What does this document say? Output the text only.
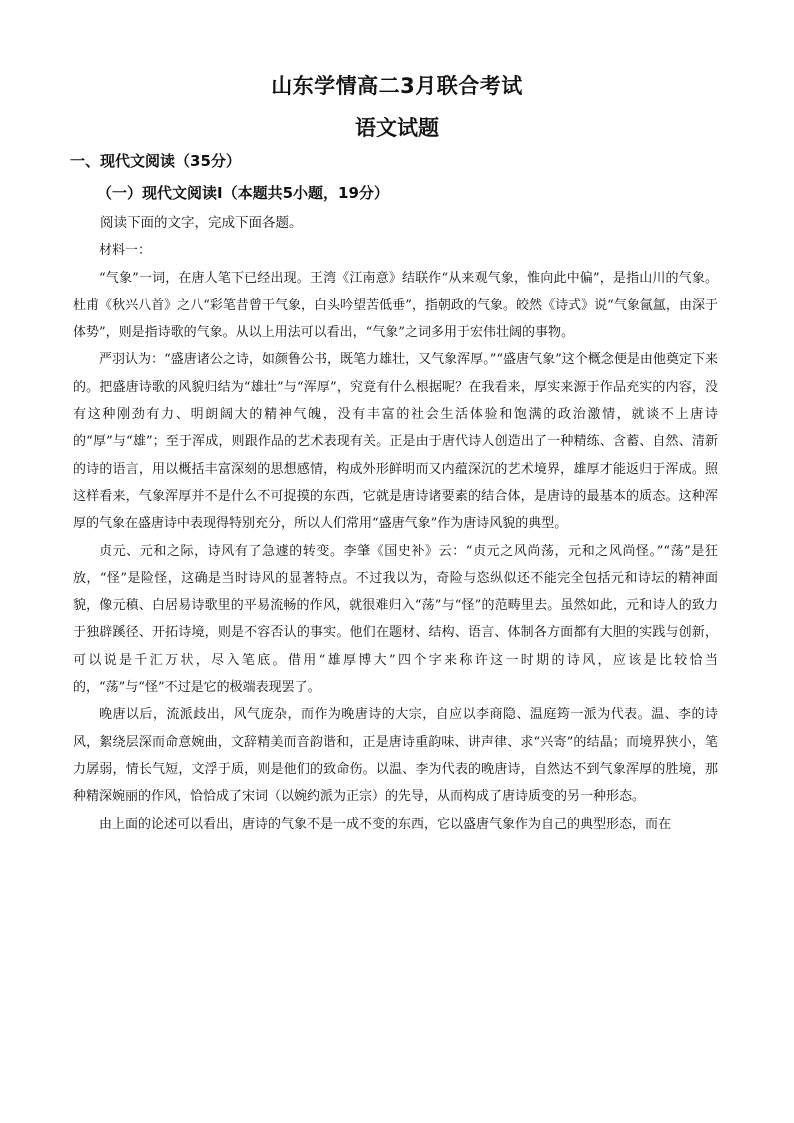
山东学情高二3月联合考试
语文试题
一、现代文阅读（35分）
（一）现代文阅读Ⅰ（本题共5小题，19分）

阅读下面的文字，完成下面各题。

材料一：

“气象”一词，在唐人笔下已经出现。王湾《江南意》结联作“从来观气象，惟向此中偏”，是指山川的气象。杜甫《秋兴八首》之八“彩笔昔曾干气象，白头吟望苦低垂”，指朝政的气象。皎然《诗式》说“气象氤氲，由深于体势”，则是指诗歌的气象。从以上用法可以看出，“气象”之词多用于宏伟壮阔的事物。

严羽认为：“盛唐诸公之诗，如颜鲁公书，既笔力雄壮，又气象浑厚。”“盛唐气象”这个概念便是由他奠定下来的。把盛唐诗歌的风貌归结为“雄壮”与“浑厚”，究竟有什么根据呢？在我看来，厚实来源于作品充实的内容，没有这种刚劲有力、明朗阔大的精神气魄，没有丰富的社会生活体验和饱满的政治激情，就谈不上唐诗的“厚”与“雄”；至于浑成，则跟作品的艺术表现有关。正是由于唐代诗人创造出了一种精练、含蓄、自然、清新的诗的语言，用以概括丰富深刻的思想感情，构成外形鲜明而又内蕴深沉的艺术境界，雄厚才能返归于浑成。照这样看来，气象浑厚并不是什么不可捉摸的东西，它就是唐诗诸要素的结合体，是唐诗的最基本的质态。这种浑厚的气象在盛唐诗中表现得特别充分，所以人们常用“盛唐气象”作为唐诗风貌的典型。

贞元、元和之际，诗风有了急遽的转变。李肇《国史补》云：“贞元之风尚荡，元和之风尚怪。”“荡”是狂放，“怪”是险怪，这确是当时诗风的显著特点。不过我以为，奇险与恣纵似还不能完全包括元和诗坛的精神面貌，像元稹、白居易诗歌里的平易流畅的作风，就很难归入“荡”与“怪”的范畴里去。虽然如此，元和诗人的致力于独辟蹊径、开拓诗境，则是不容否认的事实。他们在题材、结构、语言、体制各方面都有大胆的实践与创新，可以说是千汇万状，尽入笔底。借用“雄厚博大”四个字来称许这一时期的诗风，应该是比较恰当的，“荡”与“怪”不过是它的极端表现罢了。

晚唐以后，流派歧出，风气庞杂，而作为晚唐诗的大宗，自应以李商隐、温庭筠一派为代表。温、李的诗风，絮绕层深而命意婉曲，文辞精美而音韵谐和，正是唐诗重韵味、讲声律、求“兴寄”的结晶；而境界狭小，笔力孱弱，情长气短，文浮于质，则是他们的致命伤。以温、李为代表的晚唐诗，自然达不到气象浑厚的胜境，那种精深婉丽的作风，恰恰成了宋词（以婉约派为正宗）的先导，从而构成了唐诗质变的另一种形态。

由上面的论述可以看出，唐诗的气象不是一成不变的东西，它以盛唐气象作为自己的典型形态，而在
